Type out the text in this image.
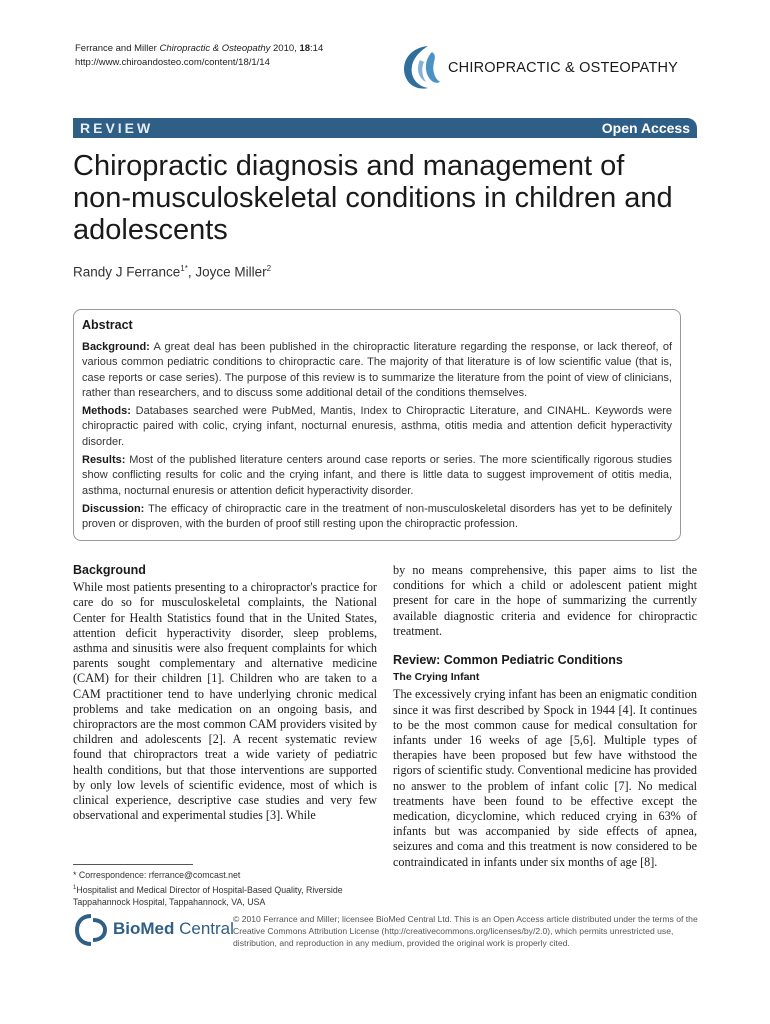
Ferrance and Miller Chiropractic & Osteopathy 2010, 18:14
http://www.chiroandosteo.com/content/18/1/14	CHIROPRACTIC & OSTEOPATHY
REVIEW	Open Access
Chiropractic diagnosis and management of non-musculoskeletal conditions in children and adolescents
Randy J Ferrance$^{1*}$, Joyce Miller$^2$
Abstract

Background: A great deal has been published in the chiropractic literature regarding the response, or lack thereof, of various common pediatric conditions to chiropractic care. The majority of that literature is of low scientific value (that is, case reports or case series). The purpose of this review is to summarize the literature from the point of view of clinicians, rather than researchers, and to discuss some additional detail of the conditions themselves.

Methods: Databases searched were PubMed, Mantis, Index to Chiropractic Literature, and CINAHL. Keywords were chiropractic paired with colic, crying infant, nocturnal enuresis, asthma, otitis media and attention deficit hyperactivity disorder.

Results: Most of the published literature centers around case reports or series. The more scientifically rigorous studies show conflicting results for colic and the crying infant, and there is little data to suggest improvement of otitis media, asthma, nocturnal enuresis or attention deficit hyperactivity disorder.

Discussion: The efficacy of chiropractic care in the treatment of non-musculoskeletal disorders has yet to be definitely proven or disproven, with the burden of proof still resting upon the chiropractic profession.

Background

While most patients presenting to a chiropractor's practice for care do so for musculoskeletal complaints, the National Center for Health Statistics found that in the United States, attention deficit hyperactivity disorder, sleep problems, asthma and sinusitis were also frequent complaints for which parents sought complementary and alternative medicine (CAM) for their children [1]. Children who are taken to a CAM practitioner tend to have underlying chronic medical problems and take medication on an ongoing basis, and chiropractors are the most common CAM providers visited by children and adolescents [2]. A recent systematic review found that chiropractors treat a wide variety of pediatric health conditions, but that those interventions are supported by only low levels of scientific evidence, most of which is clinical experience, descriptive case studies and very few observational and experimental studies [3]. While

by no means comprehensive, this paper aims to list the conditions for which a child or adolescent patient might present for care in the hope of summarizing the currently available diagnostic criteria and evidence for chiropractic treatment.

Review: Common Pediatric Conditions
The Crying Infant

The excessively crying infant has been an enigmatic condition since it was first described by Spock in 1944 [4]. It continues to be the most common cause for medical consultation for infants under 16 weeks of age [5,6]. Multiple types of therapies have been proposed but few have withstood the rigors of scientific study. Conventional medicine has provided no answer to the problem of infant colic [7]. No medical treatments have been found to be effective except the medication, dicyclomine, which reduced crying in 63% of infants but was accompanied by side effects of apnea, seizures and coma and this treatment is now considered to be contraindicated in infants under six months of age [8].

* Correspondence: rferrance@comcast.net
$^1$Hospitalist and Medical Director of Hospital-Based Quality, Riverside Tappahannock Hospital, Tappahannock, VA, USA
BioMed Central © 2010 Ferrance and Miller; licensee BioMed Central Ltd. This is an Open Access article distributed under the terms of the Creative Commons Attribution License (http://creativecommons.org/licenses/by/2.0), which permits unrestricted use, distribution, and reproduction in any medium, provided the original work is properly cited.
